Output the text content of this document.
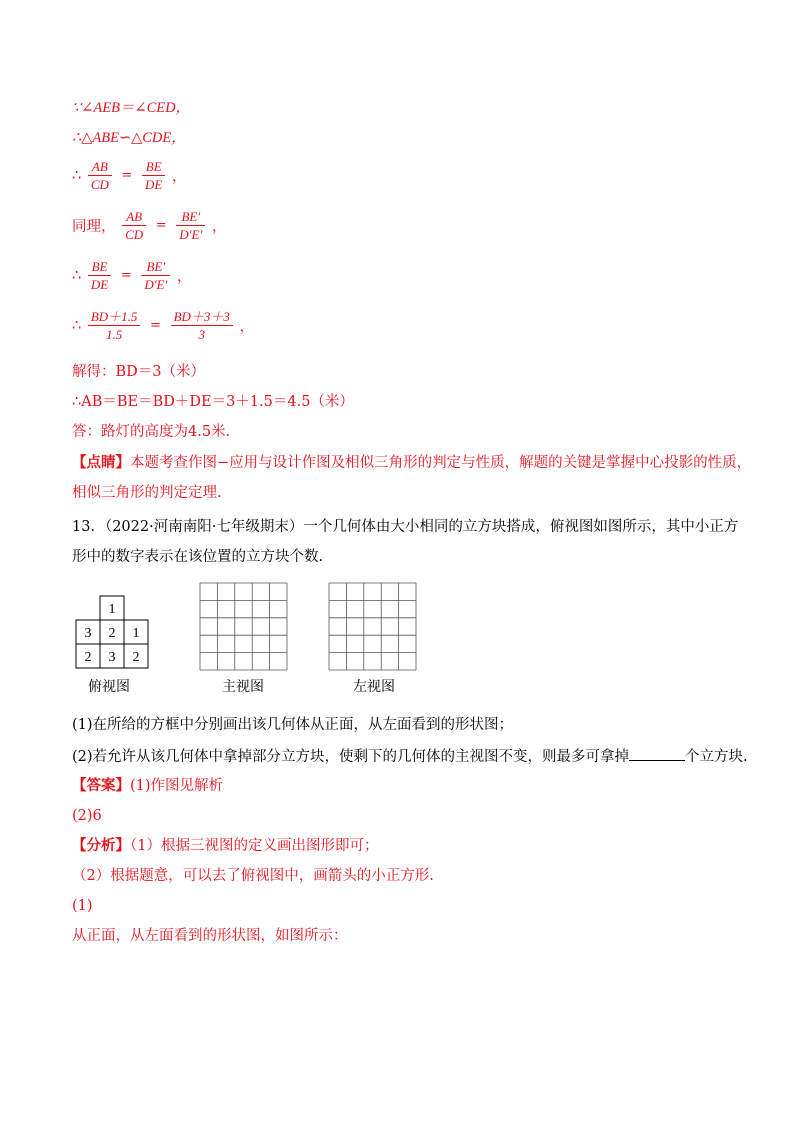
∵∠AEB＝∠CED，
∴△ABE∽△CDE，
∴ $\frac{AB}{CD} = \frac{BE}{DE}$ ，
同理， $\frac{AB}{CD} = \frac{BE'}{D'E'}$ ，
∴ $\frac{BE}{DE} = \frac{BE'}{D'E'}$ ，
∴ $\frac{BD+1.5}{1.5} = \frac{BD+3+3}{3}$ ，
解得：BD＝3（米）
∴AB＝BE＝BD＋DE＝3＋1.5＝4.5（米）
答：路灯的高度为4.5米.
【点睛】本题考查作图−应用与设计作图及相似三角形的判定与性质，解题的关键是掌握中心投影的性质，
相似三角形的判定定理.
13．（2022·河南南阳·七年级期末）一个几何体由大小相同的立方块搭成，俯视图如图所示，其中小正方
形中的数字表示在该位置的立方块个数.
1
3 2 1
2 3 2
俯视图	主视图	左视图
(1)在所给的方框中分别画出该几何体从正面，从左面看到的形状图；
(2)若允许从该几何体中拿掉部分立方块，使剩下的几何体的主视图不变，则最多可拿掉	个立方块.
【答案】(1)作图见解析
(2)6
【分析】（1）根据三视图的定义画出图形即可；
（2）根据题意，可以去了俯视图中，画箭头的小正方形.
(1)
从正面，从左面看到的形状图，如图所示：
